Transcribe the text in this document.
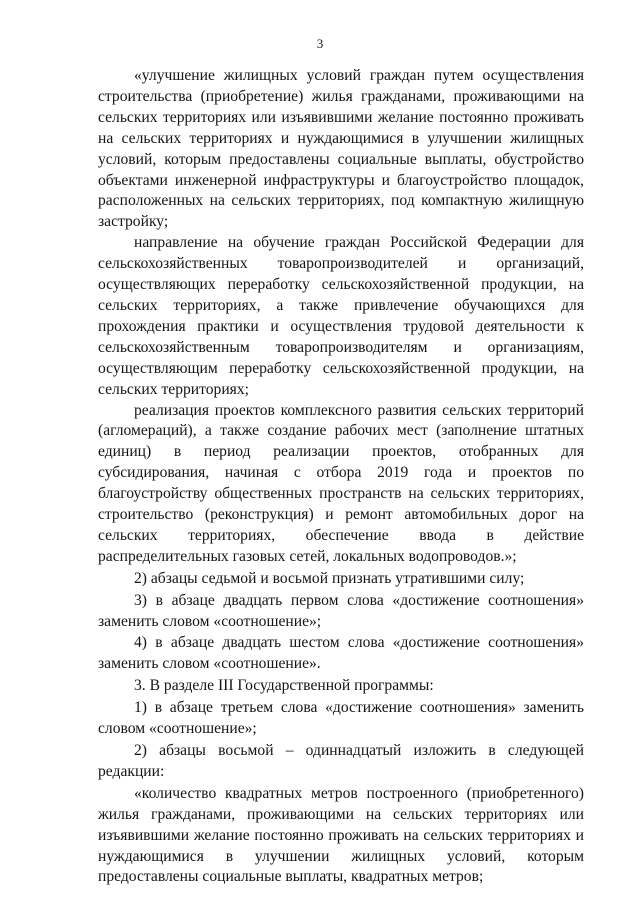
3

«улучшение жилищных условий граждан путем осуществления строительства (приобретение) жилья гражданами, проживающими на сельских территориях или изъявившими желание постоянно проживать на сельских территориях и нуждающимися в улучшении жилищных условий, которым предоставлены социальные выплаты, обустройство объектами инженерной инфраструктуры и благоустройство площадок, расположенных на сельских территориях, под компактную жилищную застройку;

направление на обучение граждан Российской Федерации для сельскохозяйственных товаропроизводителей и организаций, осуществляющих переработку сельскохозяйственной продукции, на сельских территориях, а также привлечение обучающихся для прохождения практики и осуществления трудовой деятельности к сельскохозяйственным товаропроизводителям и организациям, осуществляющим переработку сельскохозяйственной продукции, на сельских территориях;

реализация проектов комплексного развития сельских территорий (агломераций), а также создание рабочих мест (заполнение штатных единиц) в период реализации проектов, отобранных для субсидирования, начиная с отбора 2019 года и проектов по благоустройству общественных пространств на сельских территориях, строительство (реконструкция) и ремонт автомобильных дорог на сельских территориях, обеспечение ввода в действие распределительных газовых сетей, локальных водопроводов.»;

2) абзацы седьмой и восьмой признать утратившими силу;

3) в абзаце двадцать первом слова «достижение соотношения» заменить словом «соотношение»;

4) в абзаце двадцать шестом слова «достижение соотношения» заменить словом «соотношение».

3. В разделе III Государственной программы:

1) в абзаце третьем слова «достижение соотношения» заменить словом «соотношение»;

2) абзацы восьмой – одиннадцатый изложить в следующей редакции:

«количество квадратных метров построенного (приобретенного) жилья гражданами, проживающими на сельских территориях или изъявившими желание постоянно проживать на сельских территориях и нуждающимися в улучшении жилищных условий, которым предоставлены социальные выплаты, квадратных метров;
